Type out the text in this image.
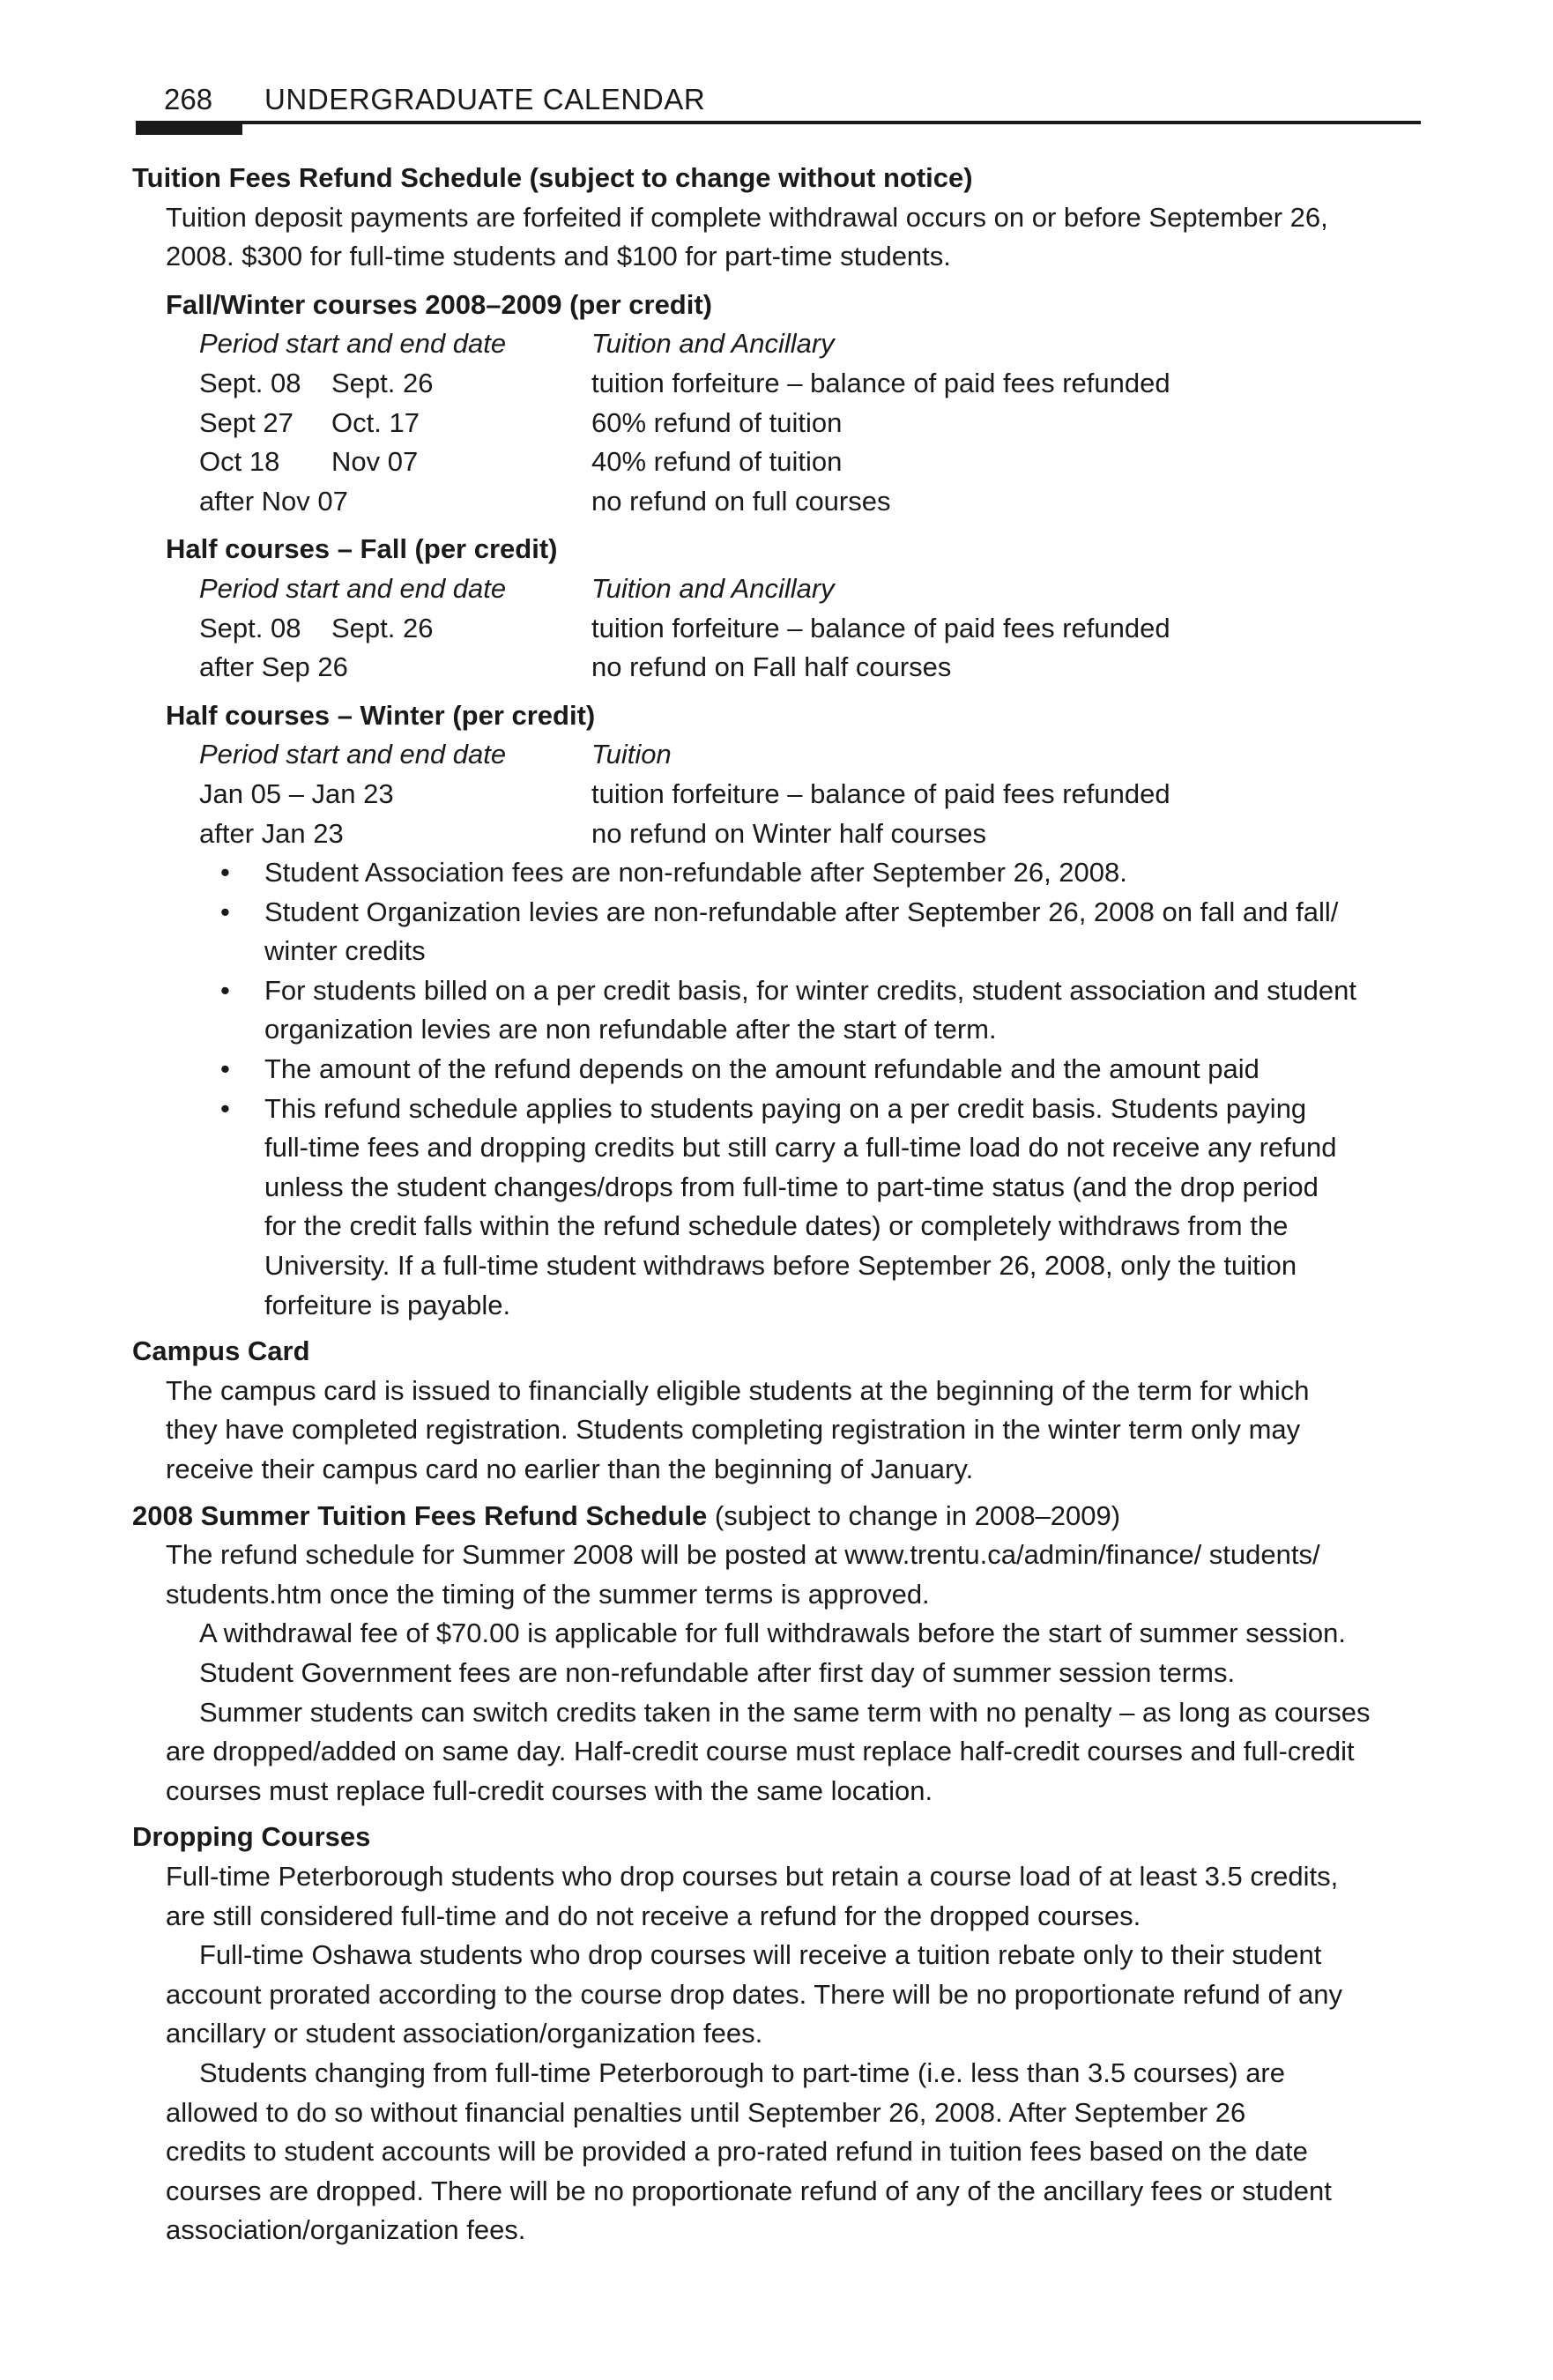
268 UNDERGRADUATE CALENDAR

Tuition Fees Refund Schedule (subject to change without notice)

Tuition deposit payments are forfeited if complete withdrawal occurs on or before September 26,

2008. $300 for full-time students and $100 for part-time students.

Fall/Winter courses 2008–2009 (per credit)

Period start and end date	Tuition and Ancillary
Sept. 08	Sept. 26	tuition forfeiture – balance of paid fees refunded
Sept 27	Oct. 17	60% refund of tuition
Oct 18	Nov 07	40% refund of tuition
after Nov 07	no refund on full courses

Half courses – Fall (per credit)

Period start and end date	Tuition and Ancillary
Sept. 08	Sept. 26	tuition forfeiture – balance of paid fees refunded
after Sep 26	no refund on Fall half courses

Half courses – Winter (per credit)

Period start and end date	Tuition
Jan 05 – Jan 23	tuition forfeiture – balance of paid fees refunded
after Jan 23	no refund on Winter half courses
• Student Association fees are non-refundable after September 26, 2008.
• Student Organization levies are non-refundable after September 26, 2008 on fall and fall/
winter credits
• For students billed on a per credit basis, for winter credits, student association and student
organization levies are non refundable after the start of term.
• The amount of the refund depends on the amount refundable and the amount paid
• This refund schedule applies to students paying on a per credit basis. Students paying
full-time fees and dropping credits but still carry a full-time load do not receive any refund
unless the student changes/drops from full-time to part-time status (and the drop period
for the credit falls within the refund schedule dates) or completely withdraws from the
University. If a full-time student withdraws before September 26, 2008, only the tuition
forfeiture is payable.

Campus Card

The campus card is issued to financially eligible students at the beginning of the term for which

they have completed registration. Students completing registration in the winter term only may

receive their campus card no earlier than the beginning of January.

2008 Summer Tuition Fees Refund Schedule (subject to change in 2008–2009)

The refund schedule for Summer 2008 will be posted at www.trentu.ca/admin/finance/ students/

students.htm once the timing of the summer terms is approved.

A withdrawal fee of $70.00 is applicable for full withdrawals before the start of summer session.

Student Government fees are non-refundable after first day of summer session terms.

Summer students can switch credits taken in the same term with no penalty – as long as courses

are dropped/added on same day. Half-credit course must replace half-credit courses and full-credit

courses must replace full-credit courses with the same location.

Dropping Courses

Full-time Peterborough students who drop courses but retain a course load of at least 3.5 credits,

are still considered full-time and do not receive a refund for the dropped courses.

Full-time Oshawa students who drop courses will receive a tuition rebate only to their student

account prorated according to the course drop dates. There will be no proportionate refund of any

ancillary or student association/organization fees.

Students changing from full-time Peterborough to part-time (i.e. less than 3.5 courses) are

allowed to do so without financial penalties until September 26, 2008. After September 26

credits to student accounts will be provided a pro-rated refund in tuition fees based on the date

courses are dropped. There will be no proportionate refund of any of the ancillary fees or student

association/organization fees.
